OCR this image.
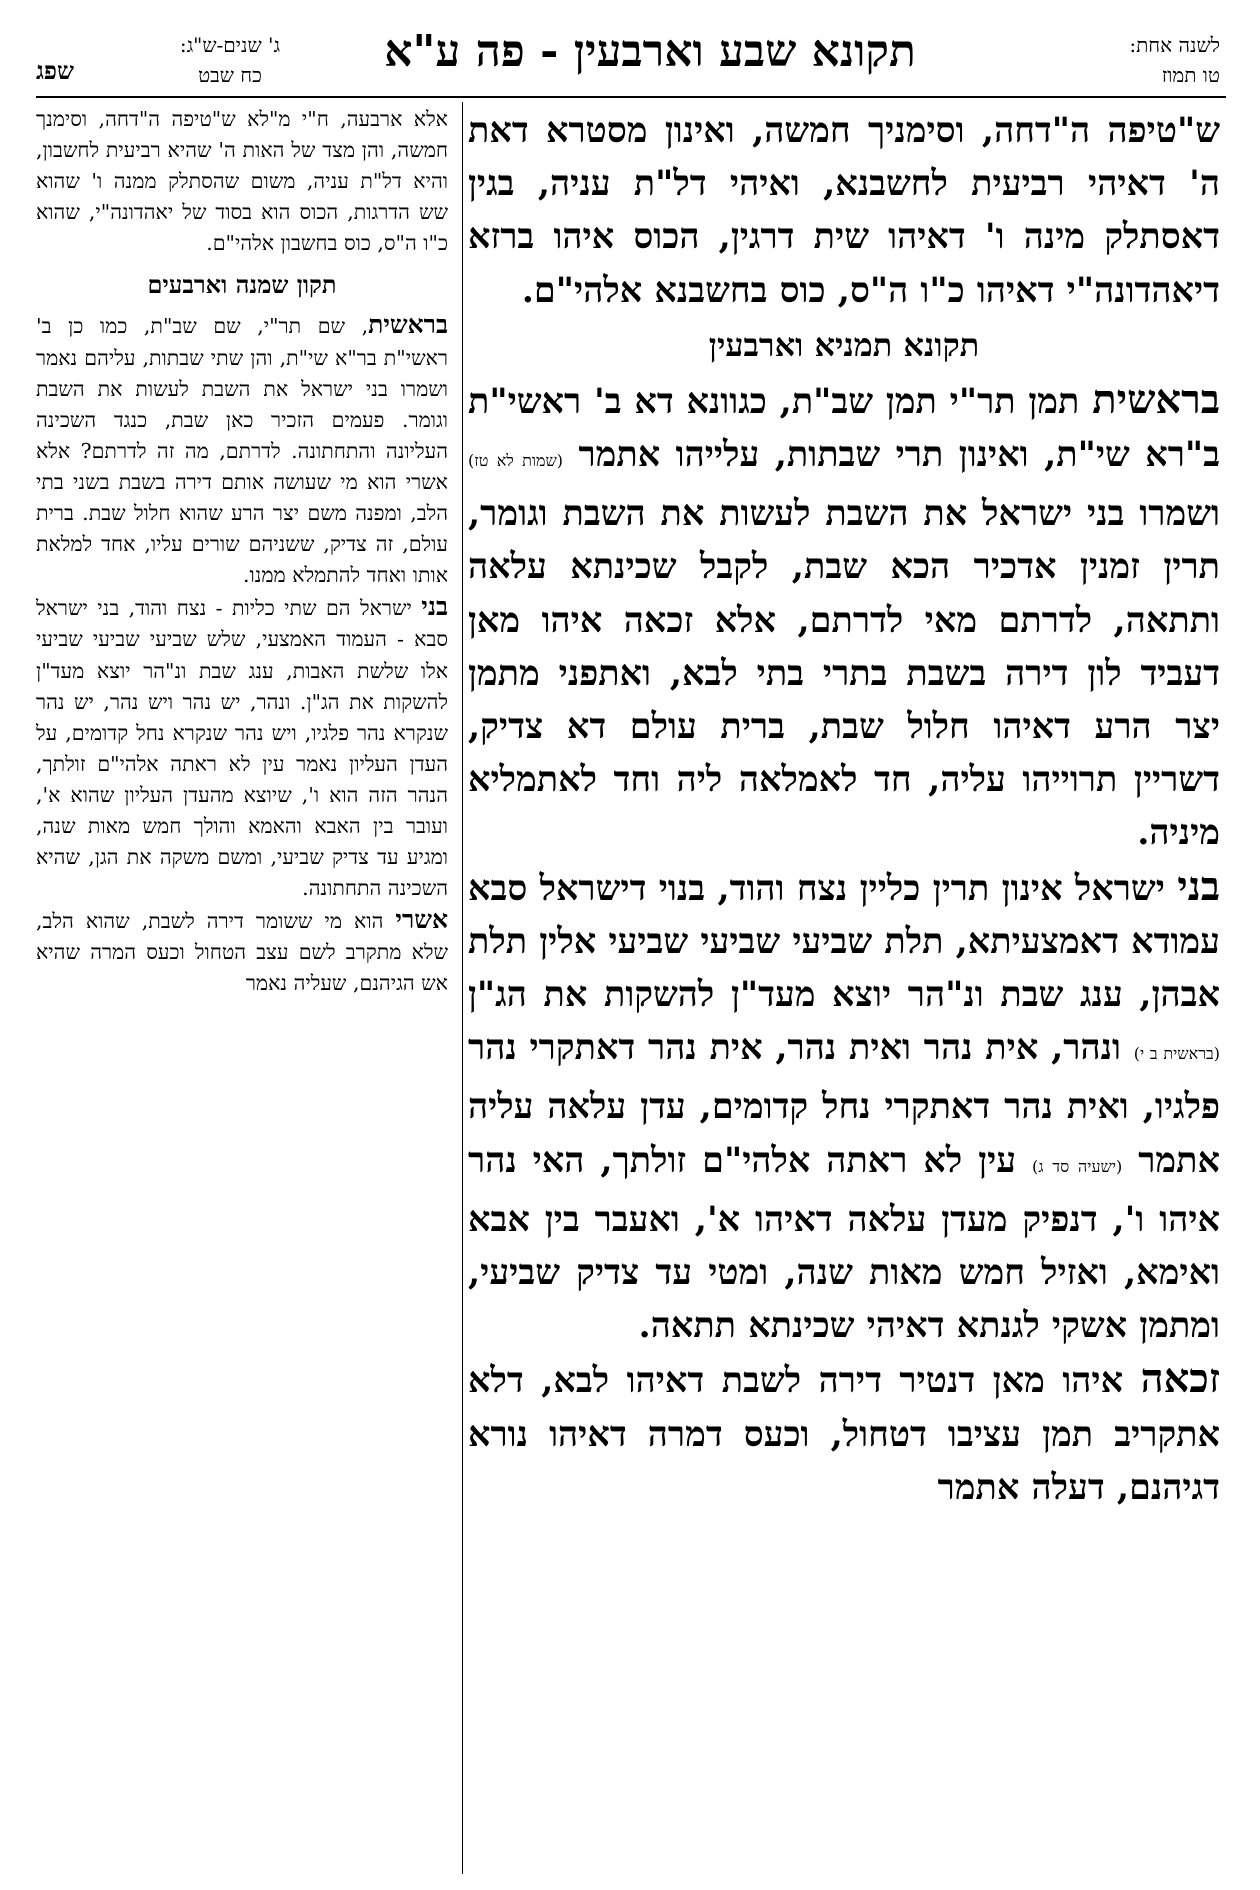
לשנה אחת:
טו תמוז
תקונא שבע וארבעין - פה ע"א
ג' שנים-ש"ג:
כח שבט
שפג

ש"טיפה ה"דחה, וסימניך חמשה, ואינון מסטרא דאת ה' דאיהי רביעית לחשבנא, ואיהי דל"ת עניה, בגין דאסתלק מינה ו' דאיהו שית דרגין, הכוס איהו ברזא דיאהדונה"י דאיהו כ"ו ה"ס, כוס בחשבנא אלהי"ם.

תקונא תמניא וארבעין

בראשית תמן תר"י תמן שב"ת, כגוונא דא ב' ראשי"ת ב"רא שי"ת, ואינון תרי שבתות, עלייהו אתמר (שמות לא טז) ושמרו בני ישראל את השבת לעשות את השבת וגומר, תרין זמנין אדכיר הכא שבת, לקבל שכינתא עלאה ותתאה, לדרתם מאי לדרתם, אלא זכאה איהו מאן דעביד לון דירה בשבת בתרי בתי לבא, ואתפני מתמן יצר הרע דאיהו חלול שבת, ברית עולם דא צדיק, דשריין תרוייהו עליה, חד לאמלאה ליה וחד לאתמליא מיניה.

בני ישראל אינון תרין כליין נצח והוד, בנוי דישראל סבא עמודא דאמצעיתא, תלת שביעי שביעי שביעי אלין תלת אבהן, ענג שבת ונ"הר יוצא מעד"ן להשקות את הג"ן (בראשית ב י) ונהר, אית נהר ואית נהר, אית נהר דאתקרי נהר פלגיו, ואית נהר דאתקרי נחל קדומים, עדן עלאה עליה אתמר (ישעיה סד ג) עין לא ראתה אלהי"ם זולתך, האי נהר איהו ו', דנפיק מעדן עלאה דאיהו א', ואעבר בין אבא ואימא, ואזיל חמש מאות שנה, ומטי עד צדיק שביעי, ומתמן אשקי לגנתא דאיהי שכינתא תתאה.

זכאה איהו מאן דנטיר דירה לשבת דאיהו לבא, דלא אתקריב תמן עציבו דטחול, וכעס דמרה דאיהו נורא דגיהנם, דעלה אתמר

אלא ארבעה, ח"י מ"לא ש"טיפה ה"דחה, וסימנך חמשה, והן מצד של האות ה' שהיא רביעית לחשבון, והיא דל"ת עניה, משום שהסתלק ממנה ו' שהוא שש הדרגות, הכוס הוא בסוד של יאהדונה"י, שהוא כ"ו ה"ס, כוס בחשבון אלהי"ם.

תקון שמנה וארבעים

בראשית, שם תר"י, שם שב"ת, כמו כן ב' ראשי"ת בר"א שי"ת, והן שתי שבתות, עליהם נאמר ושמרו בני ישראל את השבת לעשות את השבת וגומר. פעמים הזכיר כאן שבת, כנגד השכינה העליונה והתחתונה. לדרתם, מה זה לדרתם? אלא אשרי הוא מי שעושה אותם דירה בשבת בשני בתי הלב, ומפנה משם יצר הרע שהוא חלול שבת. ברית עולם, זה צדיק, ששניהם שורים עליו, אחד למלאת אותו ואחד להתמלא ממנו.

בני ישראל הם שתי כליות - נצח והוד, בני ישראל סבא - העמוד האמצעי, שלש שביעי שביעי שביעי אלו שלשת האבות, ענג שבת ונ"הר יוצא מעד"ן להשקות את הג"ן. ונהר, יש נהר ויש נהר, יש נהר שנקרא נהר פלגיו, ויש נהר שנקרא נחל קדומים, על העדן העליון נאמר עין לא ראתה אלהי"ם זולתך, הנהר הזה הוא ו', שיוצא מהעדן העליון שהוא א', ועובר בין האבא והאמא והולך חמש מאות שנה, ומגיע עד צדיק שביעי, ומשם משקה את הגן, שהיא השכינה התחתונה.

אשרי הוא מי ששומר דירה לשבת, שהוא הלב, שלא מתקרב לשם עצב הטחול וכעס המרה שהיא אש הגיהנם, שעליה נאמר
